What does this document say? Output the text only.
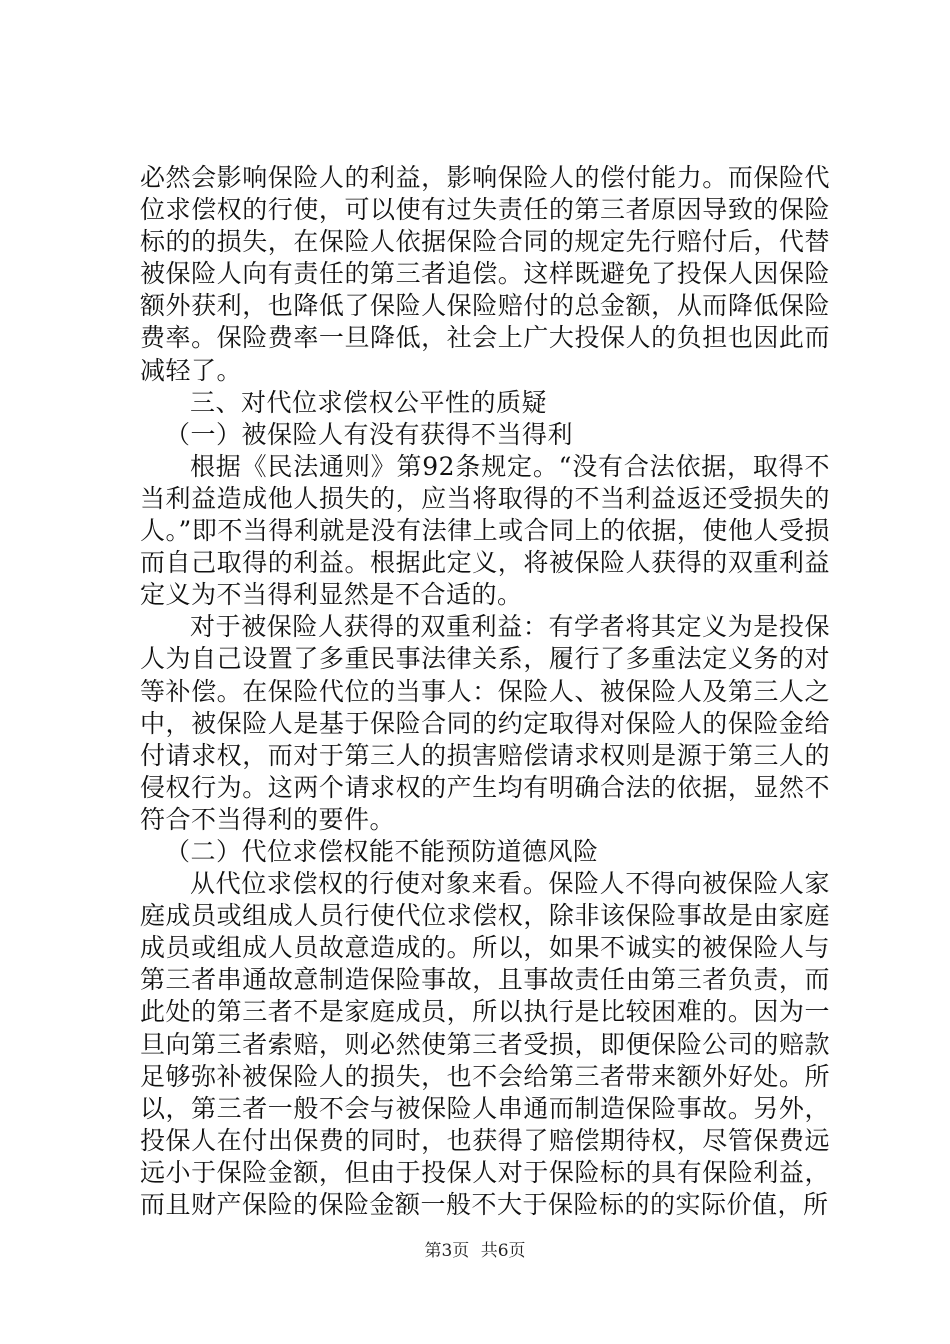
必然会影响保险人的利益，影响保险人的偿付能力。而保险代位求偿权的行使，可以使有过失责任的第三者原因导致的保险标的的损失，在保险人依据保险合同的规定先行赔付后，代替被保险人向有责任的第三者追偿。这样既避免了投保人因保险额外获利，也降低了保险人保险赔付的总金额，从而降低保险费率。保险费率一旦降低，社会上广大投保人的负担也因此而减轻了。

三、对代位求偿权公平性的质疑

（一）被保险人有没有获得不当得利

根据《民法通则》第92条规定。“没有合法依据，取得不当利益造成他人损失的，应当将取得的不当利益返还受损失的人。”即不当得利就是没有法律上或合同上的依据，使他人受损而自己取得的利益。根据此定义，将被保险人获得的双重利益定义为不当得利显然是不合适的。

对于被保险人获得的双重利益：有学者将其定义为是投保人为自己设置了多重民事法律关系，履行了多重法定义务的对等补偿。在保险代位的当事人：保险人、被保险人及第三人之中，被保险人是基于保险合同的约定取得对保险人的保险金给付请求权，而对于第三人的损害赔偿请求权则是源于第三人的侵权行为。这两个请求权的产生均有明确合法的依据，显然不符合不当得利的要件。

（二）代位求偿权能不能预防道德风险

从代位求偿权的行使对象来看。保险人不得向被保险人家庭成员或组成人员行使代位求偿权，除非该保险事故是由家庭成员或组成人员故意造成的。所以，如果不诚实的被保险人与第三者串通故意制造保险事故，且事故责任由第三者负责，而此处的第三者不是家庭成员，所以执行是比较困难的。因为一旦向第三者索赔，则必然使第三者受损，即便保险公司的赔款足够弥补被保险人的损失，也不会给第三者带来额外好处。所以，第三者一般不会与被保险人串通而制造保险事故。另外，投保人在付出保费的同时，也获得了赔偿期待权，尽管保费远远小于保险金额，但由于投保人对于保险标的具有保险利益，而且财产保险的保险金额一般不大于保险标的的实际价值，所

第3页 共6页
